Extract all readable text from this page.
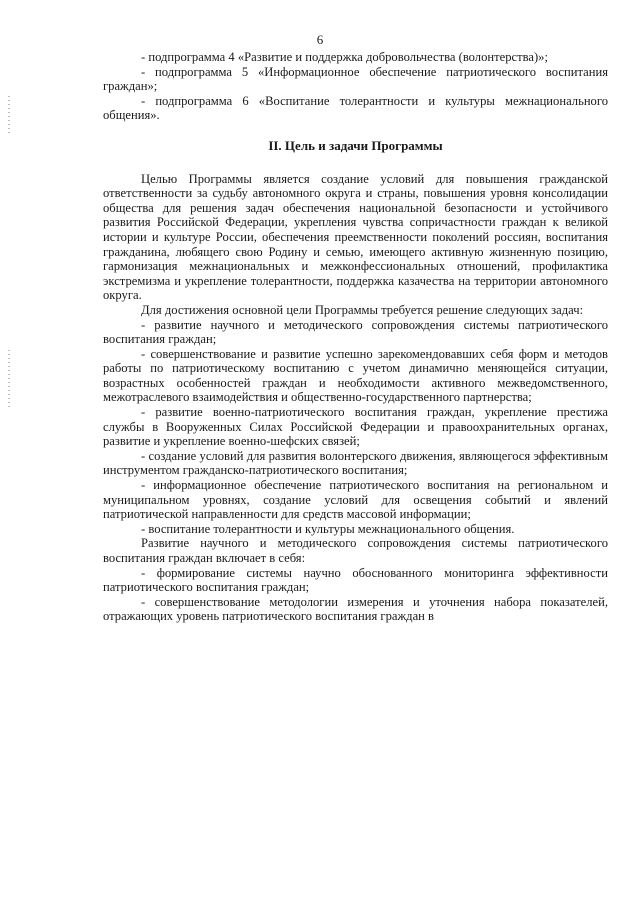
6

- подпрограмма 4 «Развитие и поддержка добровольчества (волонтерства)»;

- подпрограмма 5 «Информационное обеспечение патриотического воспитания граждан»;

- подпрограмма 6 «Воспитание толерантности и культуры межнационального общения».

II. Цель и задачи Программы

Целью Программы является создание условий для повышения гражданской ответственности за судьбу автономного округа и страны, повышения уровня консолидации общества для решения задач обеспечения национальной безопасности и устойчивого развития Российской Федерации, укрепления чувства сопричастности граждан к великой истории и культуре России, обеспечения преемственности поколений россиян, воспитания гражданина, любящего свою Родину и семью, имеющего активную жизненную позицию, гармонизация межнациональных и межконфессиональных отношений, профилактика экстремизма и укрепление толерантности, поддержка казачества на территории автономного округа.

Для достижения основной цели Программы требуется решение следующих задач:

- развитие научного и методического сопровождения системы патриотического воспитания граждан;

- совершенствование и развитие успешно зарекомендовавших себя форм и методов работы по патриотическому воспитанию с учетом динамично меняющейся ситуации, возрастных особенностей граждан и необходимости активного межведомственного, межотраслевого взаимодействия и общественно-государственного партнерства;

- развитие военно-патриотического воспитания граждан, укрепление престижа службы в Вооруженных Силах Российской Федерации и правоохранительных органах, развитие и укрепление военно-шефских связей;

- создание условий для развития волонтерского движения, являющегося эффективным инструментом гражданско-патриотического воспитания;

- информационное обеспечение патриотического воспитания на региональном и муниципальном уровнях, создание условий для освещения событий и явлений патриотической направленности для средств массовой информации;

- воспитание толерантности и культуры межнационального общения.

Развитие научного и методического сопровождения системы патриотического воспитания граждан включает в себя:

- формирование системы научно обоснованного мониторинга эффективности патриотического воспитания граждан;

- совершенствование методологии измерения и уточнения набора показателей, отражающих уровень патриотического воспитания граждан в
